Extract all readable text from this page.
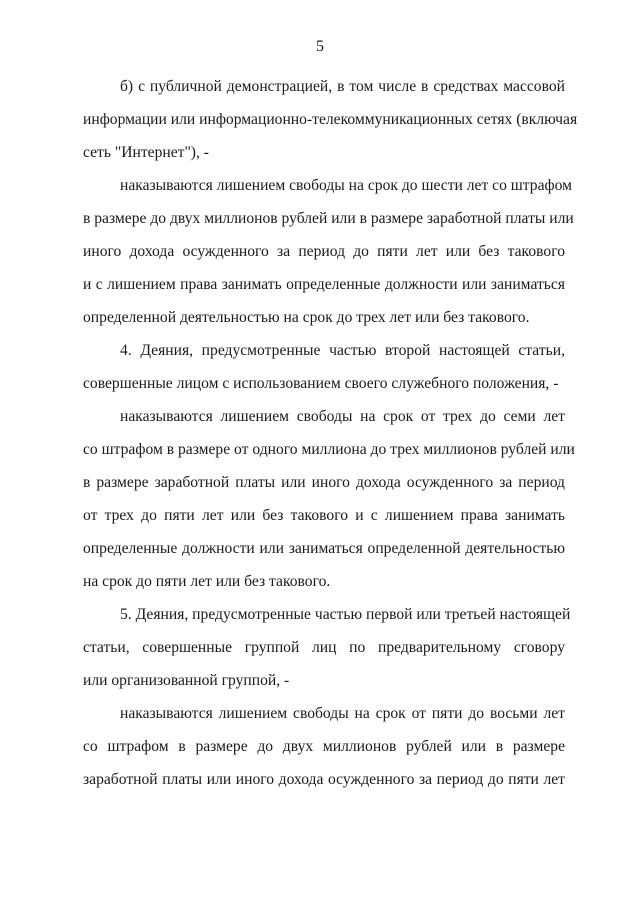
5
б) с публичной демонстрацией, в том числе в средствах массовой
информации или информационно-телекоммуникационных сетях (включая
сеть "Интернет"), -
наказываются лишением свободы на срок до шести лет со штрафом
в размере до двух миллионов рублей или в размере заработной платы или
иного дохода осужденного за период до пяти лет или без такового
и с лишением права занимать определенные должности или заниматься
определенной деятельностью на срок до трех лет или без такового.
4. Деяния, предусмотренные частью второй настоящей статьи,
совершенные лицом с использованием своего служебного положения, -
наказываются лишением свободы на срок от трех до семи лет
со штрафом в размере от одного миллиона до трех миллионов рублей или
в размере заработной платы или иного дохода осужденного за период
от трех до пяти лет или без такового и с лишением права занимать
определенные должности или заниматься определенной деятельностью
на срок до пяти лет или без такового.
5. Деяния, предусмотренные частью первой или третьей настоящей
статьи, совершенные группой лиц по предварительному сговору
или организованной группой, -
наказываются лишением свободы на срок от пяти до восьми лет
со штрафом в размере до двух миллионов рублей или в размере
заработной платы или иного дохода осужденного за период до пяти лет
